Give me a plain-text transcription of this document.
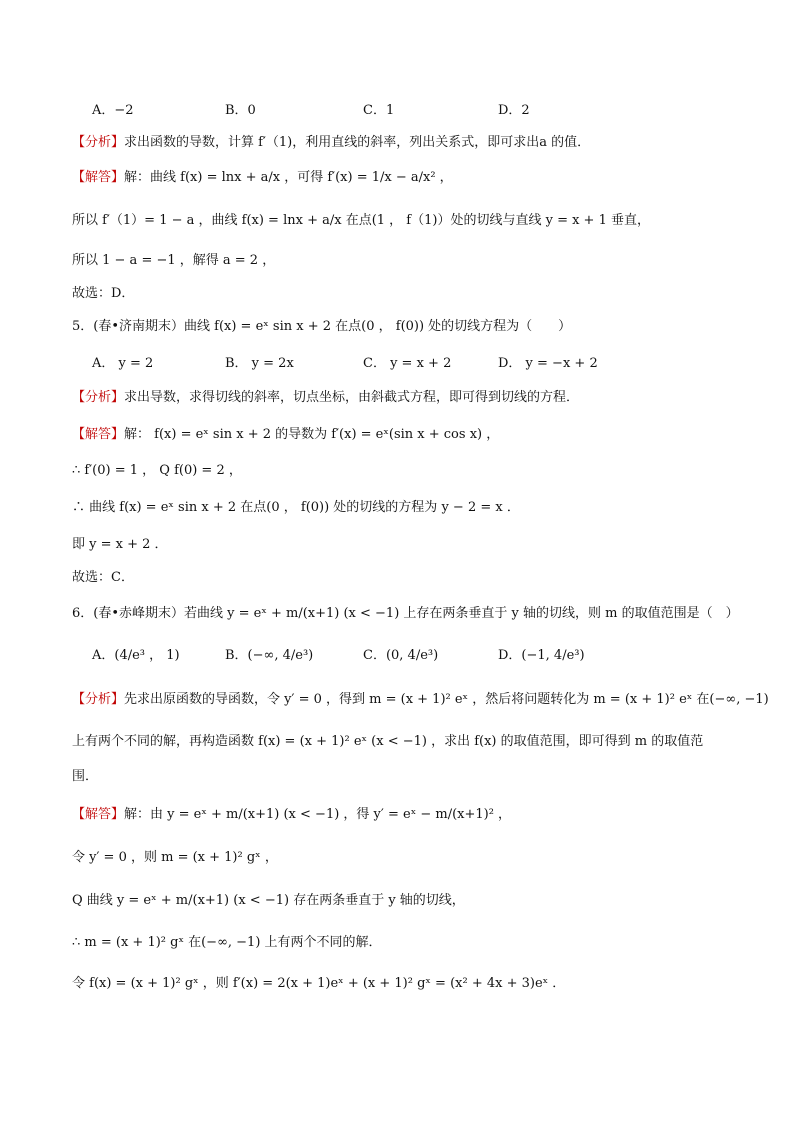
A．−2	B．0	C．1	D．2
【分析】求出函数的导数，计算 f′（1)，利用直线的斜率，列出关系式，即可求出a 的值．
【解答】解：曲线 f(x) = lnx + a/x ，可得 f′(x) = 1/x − a/x² ，
所以 f′（1）= 1 − a ，曲线 f(x) = lnx + a/x 在点(1 ， f（1)）处的切线与直线 y = x + 1 垂直，
所以 1 − a = −1 ，解得 a = 2 ，
故选：D．
5．(春•济南期末）曲线 f(x) = eˣ sin x + 2 在点(0 ， f(0)) 处的切线方程为（　　）
A． y = 2	B． y = 2x	C． y = x + 2	D． y = −x + 2
【分析】求出导数，求得切线的斜率，切点坐标，由斜截式方程，即可得到切线的方程．
【解答】解： f(x) = eˣ sin x + 2 的导数为 f′(x) = eˣ(sin x + cos x) ，
∴ f′(0) = 1 ， Q f(0) = 2 ，
∴ 曲线 f(x) = eˣ sin x + 2 在点(0 ， f(0)) 处的切线的方程为 y − 2 = x ．
即 y = x + 2 ．
故选：C．
6．(春•赤峰期末）若曲线 y = eˣ + m/(x+1) (x < −1) 上存在两条垂直于 y 轴的切线，则 m 的取值范围是（　）
A．(4/e³ ， 1)	B．(−∞, 4/e³)	C．(0, 4/e³)	D．(−1, 4/e³)
【分析】先求出原函数的导函数，令 y′ = 0 ，得到 m = (x + 1)² eˣ ，然后将问题转化为 m = (x + 1)² eˣ 在(−∞, −1)
上有两个不同的解，再构造函数 f(x) = (x + 1)² eˣ (x < −1) ，求出 f(x) 的取值范围，即可得到 m 的取值范
围．
【解答】解：由 y = eˣ + m/(x+1) (x < −1) ，得 y′ = eˣ − m/(x+1)² ，
令 y′ = 0 ，则 m = (x + 1)² gˣ ，
Q 曲线 y = eˣ + m/(x+1) (x < −1) 存在两条垂直于 y 轴的切线，
∴ m = (x + 1)² gˣ 在(−∞, −1) 上有两个不同的解．
令 f(x) = (x + 1)² gˣ ，则 f′(x) = 2(x + 1)eˣ + (x + 1)² gˣ = (x² + 4x + 3)eˣ ．
